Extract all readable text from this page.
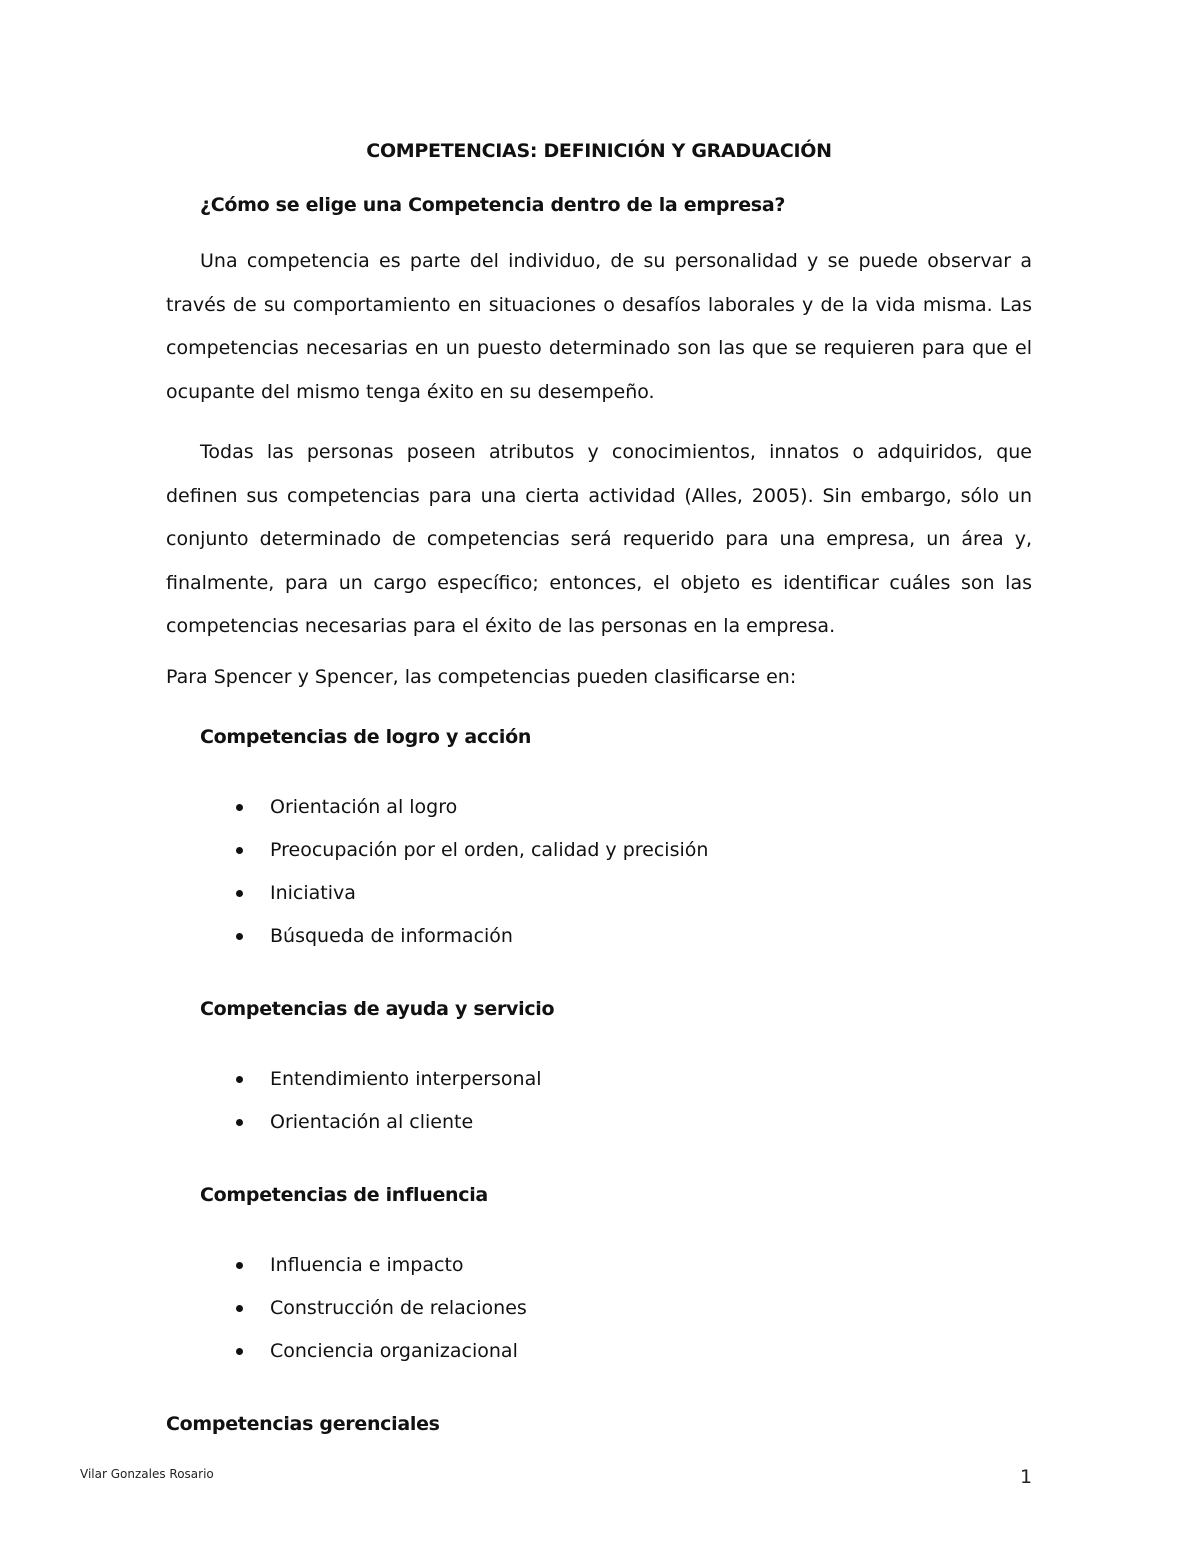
COMPETENCIAS: DEFINICIÓN Y GRADUACIÓN
¿Cómo se elige una Competencia dentro de la empresa?

Una competencia es parte del individuo, de su personalidad y se puede observar a través de su comportamiento en situaciones o desafíos laborales y de la vida misma. Las competencias necesarias en un puesto determinado son las que se requieren para que el ocupante del mismo tenga éxito en su desempeño.

Todas las personas poseen atributos y conocimientos, innatos o adquiridos, que definen sus competencias para una cierta actividad (Alles, 2005). Sin embargo, sólo un conjunto determinado de competencias será requerido para una empresa, un área y, finalmente, para un cargo específico; entonces, el objeto es identificar cuáles son las competencias necesarias para el éxito de las personas en la empresa.

Para Spencer y Spencer, las competencias pueden clasificarse en:

Competencias de logro y acción
Orientación al logro
Preocupación por el orden, calidad y precisión
Iniciativa
Búsqueda de información
Competencias de ayuda y servicio
Entendimiento interpersonal
Orientación al cliente
Competencias de influencia
Influencia e impacto
Construcción de relaciones
Conciencia organizacional
Competencias gerenciales
Vilar Gonzales Rosario	1
